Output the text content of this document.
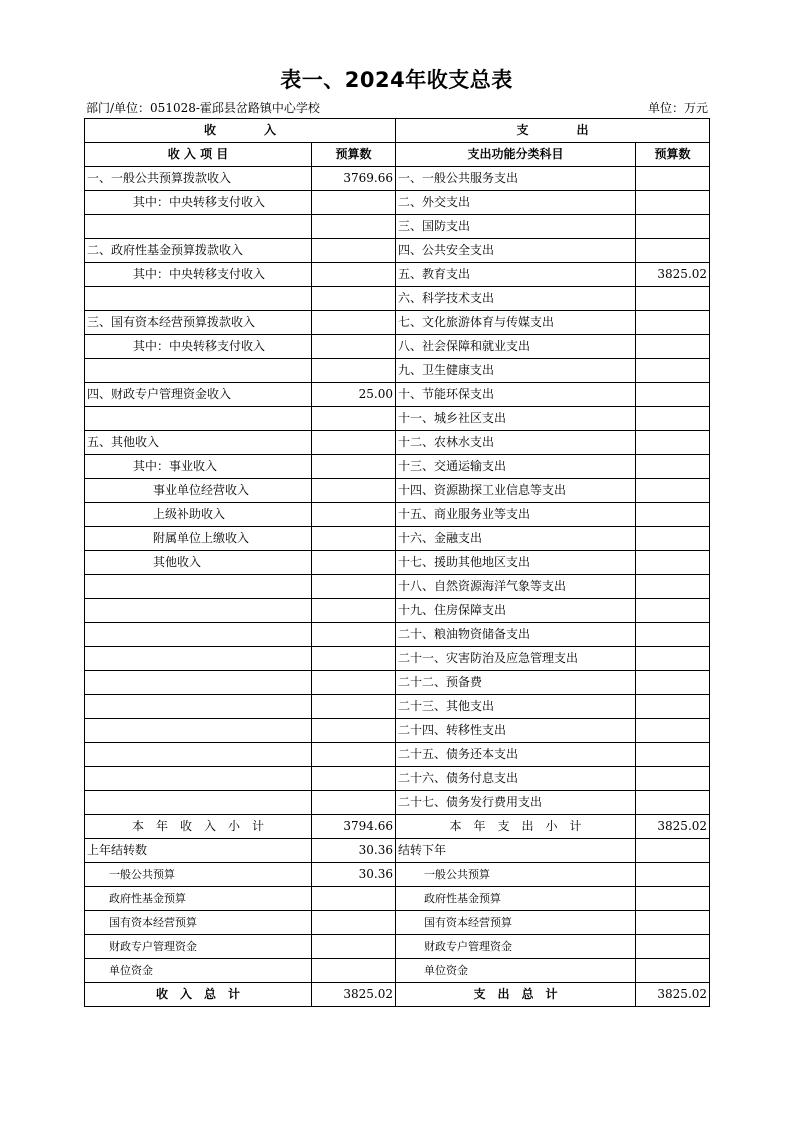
表一、2024年收支总表
部门/单位：051028-霍邱县岔路镇中心学校	单位：万元
收　　　　入		支　　　　出	
收 入 项 目	预算数	支出功能分类科目	预算数
一、一般公共预算拨款收入	3769.66	一、一般公共服务支出	
其中：中央转移支付收入		二、外交支出	
		三、国防支出	
二、政府性基金预算拨款收入		四、公共安全支出	
其中：中央转移支付收入		五、教育支出	3825.02
		六、科学技术支出	
三、国有资本经营预算拨款收入		七、文化旅游体育与传媒支出	
其中：中央转移支付收入		八、社会保障和就业支出	
		九、卫生健康支出	
四、财政专户管理资金收入	25.00	十、节能环保支出	
		十一、城乡社区支出	
五、其他收入		十二、农林水支出	
其中：事业收入		十三、交通运输支出	
事业单位经营收入		十四、资源勘探工业信息等支出	
上级补助收入		十五、商业服务业等支出	
附属单位上缴收入		十六、金融支出	
其他收入		十七、援助其他地区支出	
		十八、自然资源海洋气象等支出	
		十九、住房保障支出	
		二十、粮油物资储备支出	
		二十一、灾害防治及应急管理支出	
		二十二、预备费	
		二十三、其他支出	
		二十四、转移性支出	
		二十五、债务还本支出	
		二十六、债务付息支出	
		二十七、债务发行费用支出	
本　年　收　入　小　计	3794.66	本　年　支　出　小　计	3825.02
上年结转数	30.36	结转下年	
一般公共预算	30.36	一般公共预算	
政府性基金预算		政府性基金预算	
国有资本经营预算		国有资本经营预算	
财政专户管理资金		财政专户管理资金	
单位资金		单位资金	
收　入　总　计	3825.02	支　出　总　计	3825.02
